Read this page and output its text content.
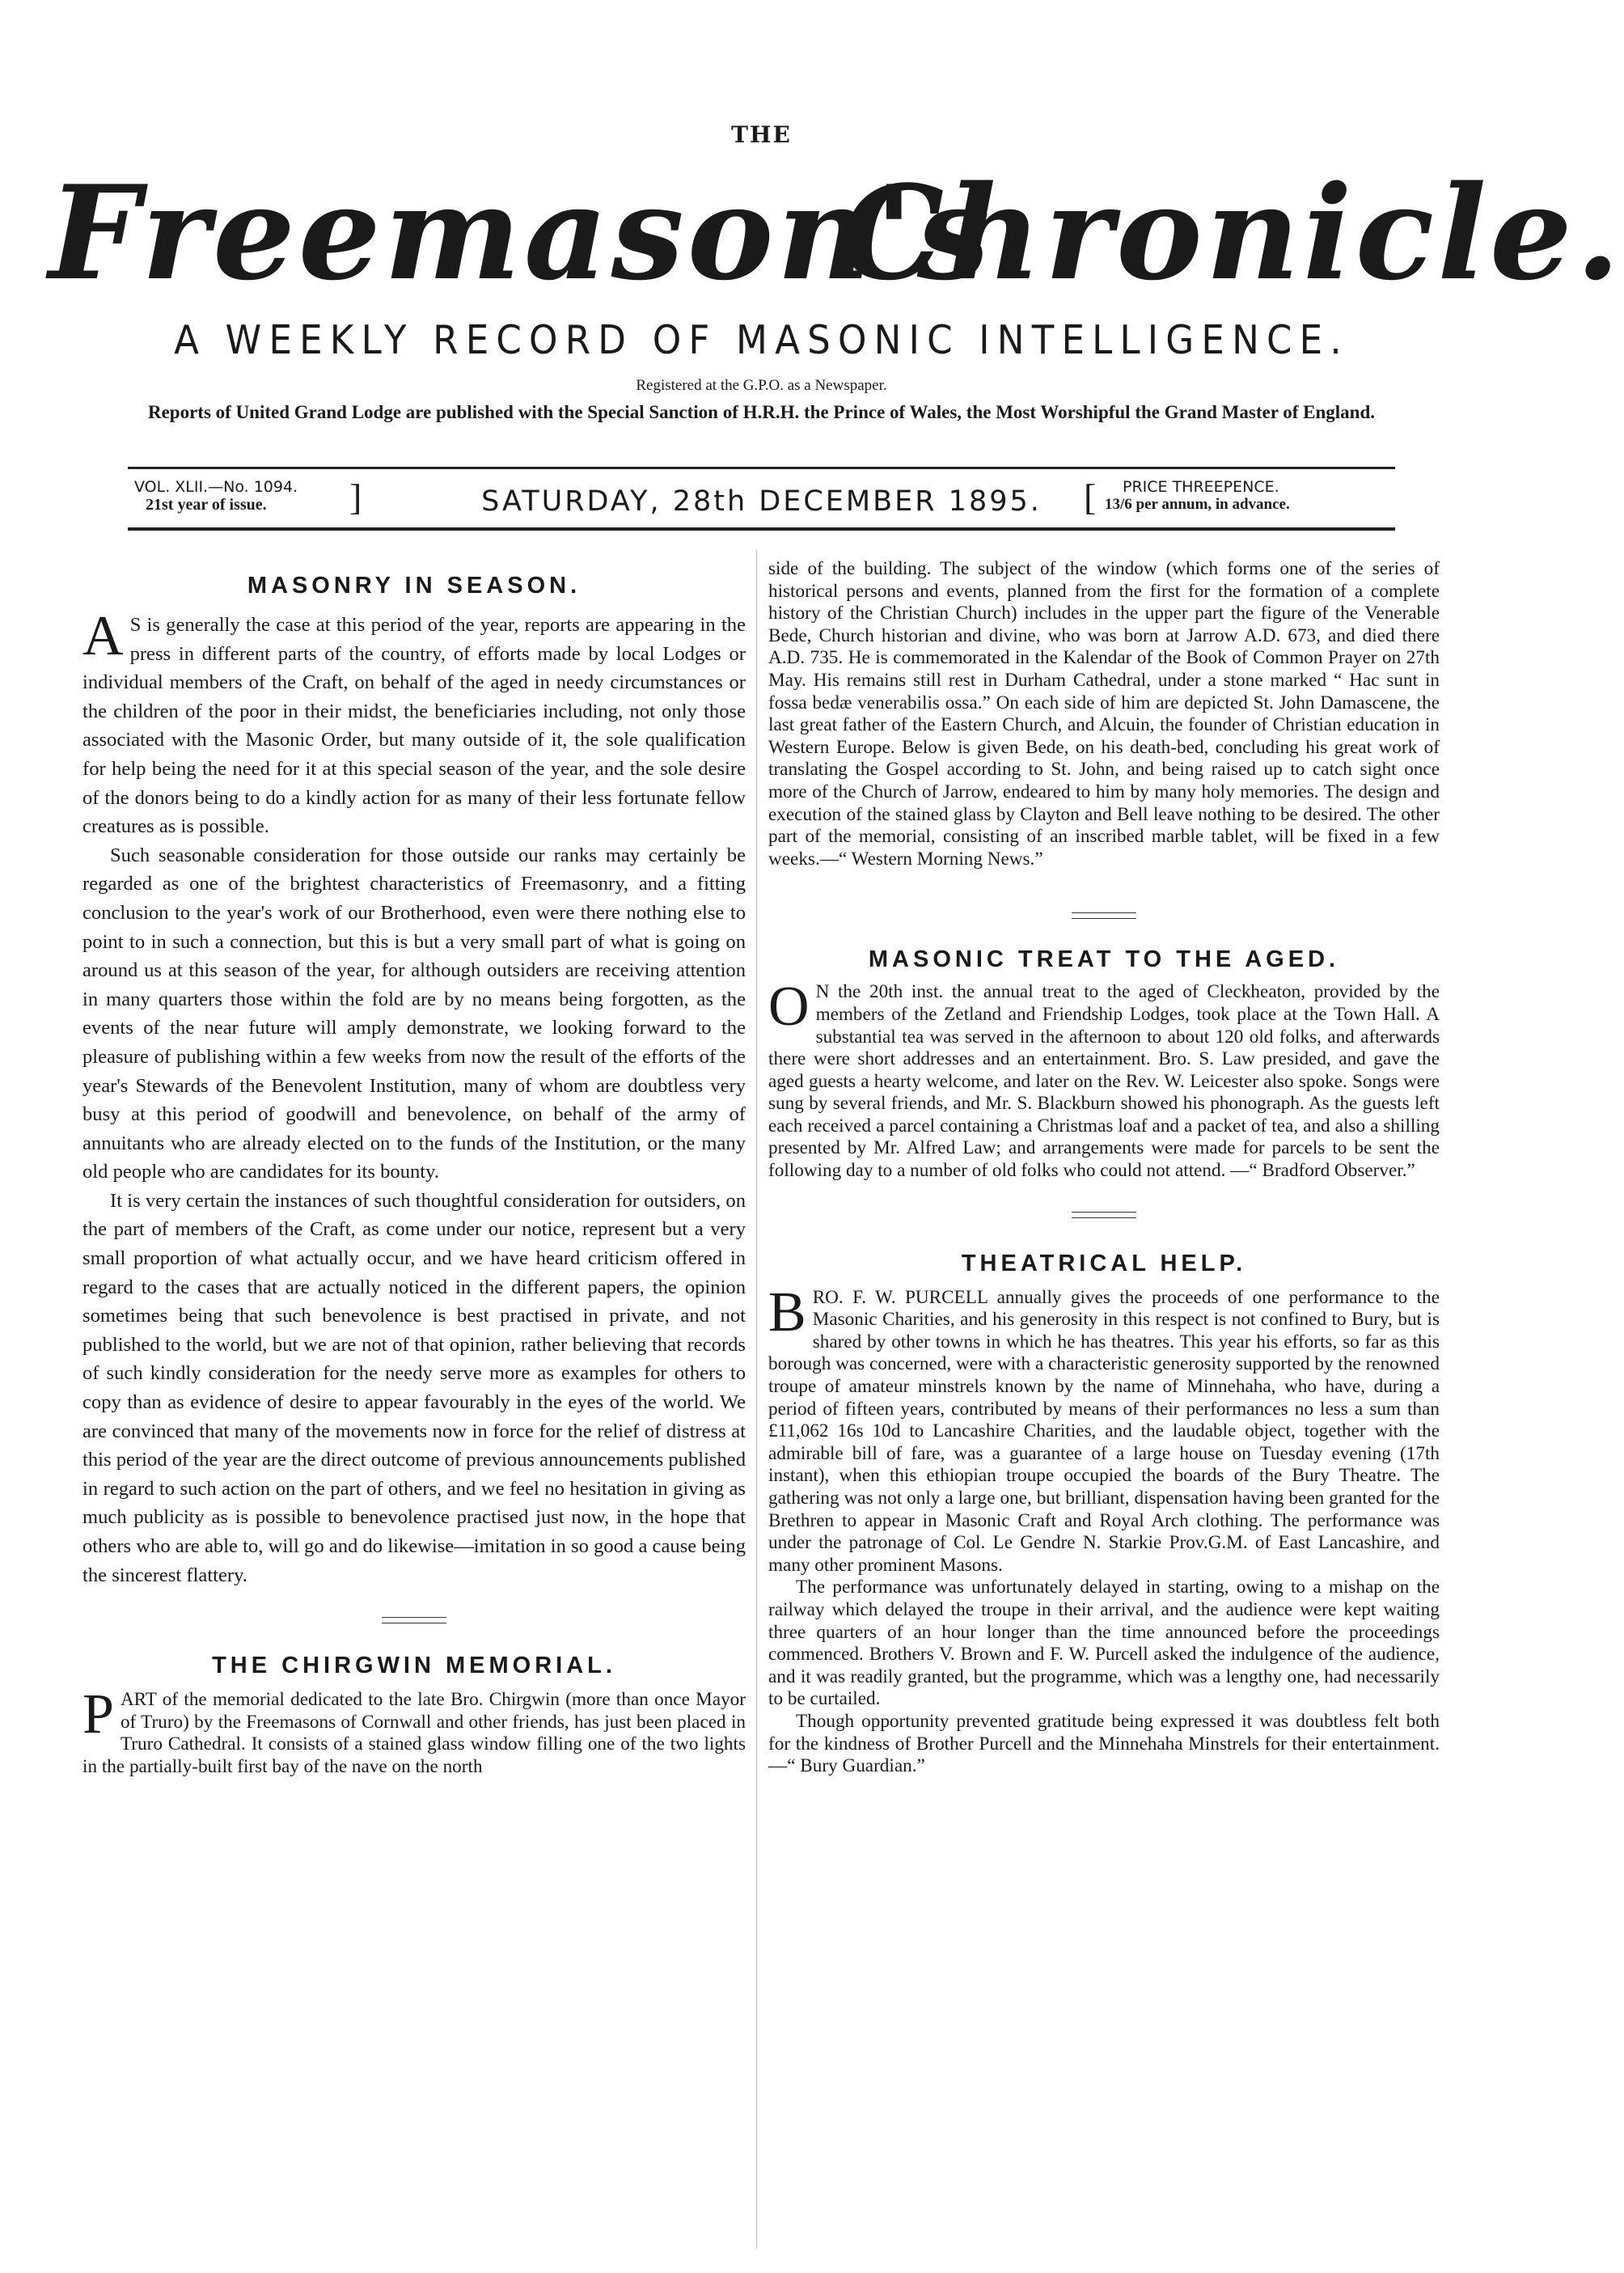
THE
Freemason's
Chronicle.
A WEEKLY RECORD OF MASONIC INTELLIGENCE.
Registered at the G.P.O. as a Newspaper.
Reports of United Grand Lodge are published with the Special Sanction of H.R.H. the Prince of Wales, the Most Worshipful the Grand Master of England.
VOL. XLII.—No. 1094.
21st year of issue.	]	SATURDAY, 28th DECEMBER 1895.	[	PRICE THREEPENCE.
13/6 per annum, in advance.
MASONRY IN SEASON.

A S is generally the case at this period of the year, reports are appearing in the press in different parts of the country, of efforts made by local Lodges or individual members of the Craft, on behalf of the aged in needy circumstances or the children of the poor in their midst, the beneficiaries including, not only those associated with the Masonic Order, but many outside of it, the sole qualification for help being the need for it at this special season of the year, and the sole desire of the donors being to do a kindly action for as many of their less fortunate fellow creatures as is possible.

Such seasonable consideration for those outside our ranks may certainly be regarded as one of the brightest characteristics of Freemasonry, and a fitting conclusion to the year's work of our Brotherhood, even were there nothing else to point to in such a connection, but this is but a very small part of what is going on around us at this season of the year, for although outsiders are receiving attention in many quarters those within the fold are by no means being forgotten, as the events of the near future will amply demonstrate, we looking forward to the pleasure of publishing within a few weeks from now the result of the efforts of the year's Stewards of the Benevolent Institution, many of whom are doubtless very busy at this period of goodwill and benevolence, on behalf of the army of annuitants who are already elected on to the funds of the Institution, or the many old people who are candidates for its bounty.

It is very certain the instances of such thoughtful consideration for outsiders, on the part of members of the Craft, as come under our notice, represent but a very small proportion of what actually occur, and we have heard criticism offered in regard to the cases that are actually noticed in the different papers, the opinion sometimes being that such benevolence is best practised in private, and not published to the world, but we are not of that opinion, rather believing that records of such kindly consideration for the needy serve more as examples for others to copy than as evidence of desire to appear favourably in the eyes of the world. We are convinced that many of the movements now in force for the relief of distress at this period of the year are the direct outcome of previous announcements published in regard to such action on the part of others, and we feel no hesitation in giving as much publicity as is possible to benevolence practised just now, in the hope that others who are able to, will go and do likewise—imitation in so good a cause being the sincerest flattery.

THE CHIRGWIN MEMORIAL.

PART of the memorial dedicated to the late Bro. Chirgwin (more than once Mayor of Truro) by the Freemasons of Cornwall and other friends, has just been placed in Truro Cathedral. It consists of a stained glass window filling one of the two lights in the partially-built first bay of the nave on the north

side of the building. The subject of the window (which forms one of the series of historical persons and events, planned from the first for the formation of a complete history of the Christian Church) includes in the upper part the figure of the Venerable Bede, Church historian and divine, who was born at Jarrow A.D. 673, and died there A.D. 735. He is commemorated in the Kalendar of the Book of Common Prayer on 27th May. His remains still rest in Durham Cathedral, under a stone marked “ Hac sunt in fossa bedæ venerabilis ossa.” On each side of him are depicted St. John Damascene, the last great father of the Eastern Church, and Alcuin, the founder of Christian education in Western Europe. Below is given Bede, on his death-bed, concluding his great work of translating the Gospel according to St. John, and being raised up to catch sight once more of the Church of Jarrow, endeared to him by many holy memories. The design and execution of the stained glass by Clayton and Bell leave nothing to be desired. The other part of the memorial, consisting of an inscribed marble tablet, will be fixed in a few weeks.—“ Western Morning News.”

MASONIC TREAT TO THE AGED.

O N the 20th inst. the annual treat to the aged of Cleckheaton, provided by the members of the Zetland and Friendship Lodges, took place at the Town Hall. A substantial tea was served in the afternoon to about 120 old folks, and afterwards there were short addresses and an entertainment. Bro. S. Law presided, and gave the aged guests a hearty welcome, and later on the Rev. W. Leicester also spoke. Songs were sung by several friends, and Mr. S. Blackburn showed his phonograph. As the guests left each received a parcel containing a Christmas loaf and a packet of tea, and also a shilling presented by Mr. Alfred Law; and arrangements were made for parcels to be sent the following day to a number of old folks who could not attend. —“ Bradford Observer.”

THEATRICAL HELP.

BRO. F. W. PURCELL annually gives the proceeds of one performance to the Masonic Charities, and his generosity in this respect is not confined to Bury, but is shared by other towns in which he has theatres. This year his efforts, so far as this borough was concerned, were with a characteristic generosity supported by the renowned troupe of amateur minstrels known by the name of Minnehaha, who have, during a period of fifteen years, contributed by means of their performances no less a sum than £11,062 16s 10d to Lancashire Charities, and the laudable object, together with the admirable bill of fare, was a guarantee of a large house on Tuesday evening (17th instant), when this ethiopian troupe occupied the boards of the Bury Theatre. The gathering was not only a large one, but brilliant, dispensation having been granted for the Brethren to appear in Masonic Craft and Royal Arch clothing. The performance was under the patronage of Col. Le Gendre N. Starkie Prov.G.M. of East Lancashire, and many other prominent Masons.

The performance was unfortunately delayed in starting, owing to a mishap on the railway which delayed the troupe in their arrival, and the audience were kept waiting three quarters of an hour longer than the time announced before the proceedings commenced. Brothers V. Brown and F. W. Purcell asked the indulgence of the audience, and it was readily granted, but the programme, which was a lengthy one, had necessarily to be curtailed.

Though opportunity prevented gratitude being expressed it was doubtless felt both for the kindness of Brother Purcell and the Minnehaha Minstrels for their entertainment.—“ Bury Guardian.”
